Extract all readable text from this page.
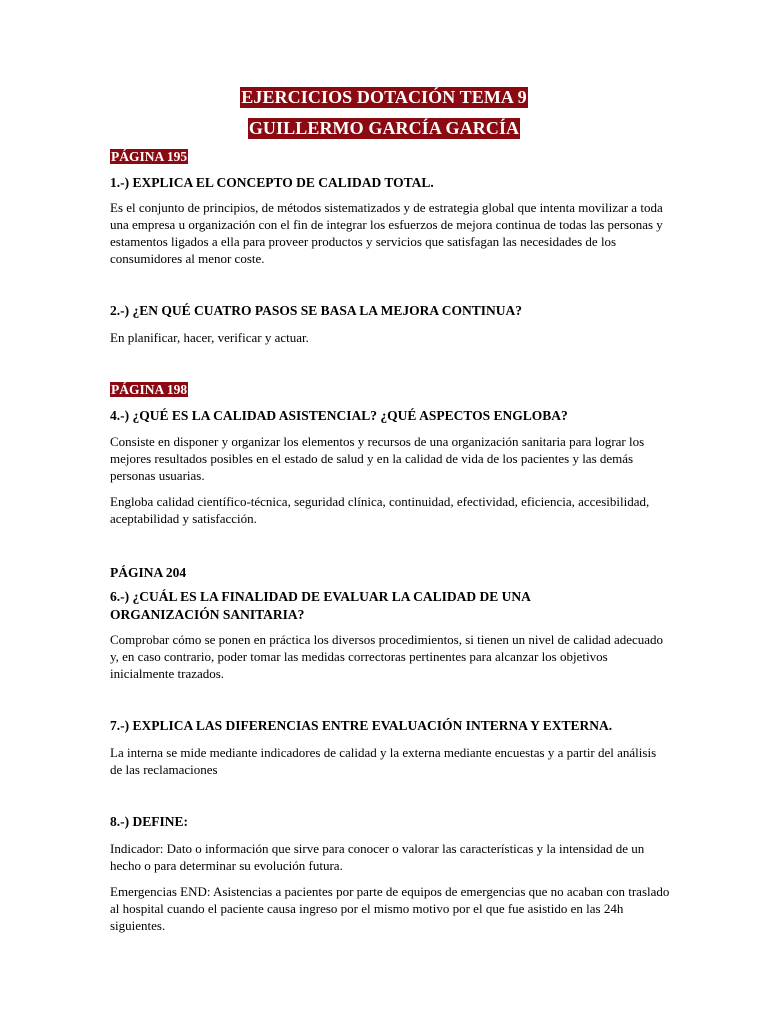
EJERCICIOS DOTACIÓN TEMA 9
GUILLERMO GARCÍA GARCÍA
PÁGINA 195
1.-) EXPLICA EL CONCEPTO DE CALIDAD TOTAL.
Es el conjunto de principios, de métodos sistematizados y de estrategia global que intenta movilizar a toda una empresa u organización con el fin de integrar los esfuerzos de mejora continua de todas las personas y estamentos ligados a ella para proveer productos y servicios que satisfagan las necesidades de los consumidores al menor coste.
2.-) ¿EN QUÉ CUATRO PASOS SE BASA LA MEJORA CONTINUA?
En planificar, hacer, verificar y actuar.
PÁGINA 198
4.-) ¿QUÉ ES LA CALIDAD ASISTENCIAL? ¿QUÉ ASPECTOS ENGLOBA?
Consiste en disponer y organizar los elementos y recursos de una organización sanitaria para lograr los mejores resultados posibles en el estado de salud y en la calidad de vida de los pacientes y las demás personas usuarias.
Engloba calidad científico-técnica, seguridad clínica, continuidad, efectividad, eficiencia, accesibilidad, aceptabilidad y satisfacción.
PÁGINA 204
6.-) ¿CUÁL ES LA FINALIDAD DE EVALUAR LA CALIDAD DE UNA ORGANIZACIÓN SANITARIA?
Comprobar cómo se ponen en práctica los diversos procedimientos, si tienen un nivel de calidad adecuado y, en caso contrario, poder tomar las medidas correctoras pertinentes para alcanzar los objetivos inicialmente trazados.
7.-) EXPLICA LAS DIFERENCIAS ENTRE EVALUACIÓN INTERNA Y EXTERNA.
La interna se mide mediante indicadores de calidad y la externa mediante encuestas y a partir del análisis de las reclamaciones
8.-) DEFINE:
Indicador: Dato o información que sirve para conocer o valorar las características y la intensidad de un hecho o para determinar su evolución futura.
Emergencias END: Asistencias a pacientes por parte de equipos de emergencias que no acaban con traslado al hospital cuando el paciente causa ingreso por el mismo motivo por el que fue asistido en las 24h siguientes.
